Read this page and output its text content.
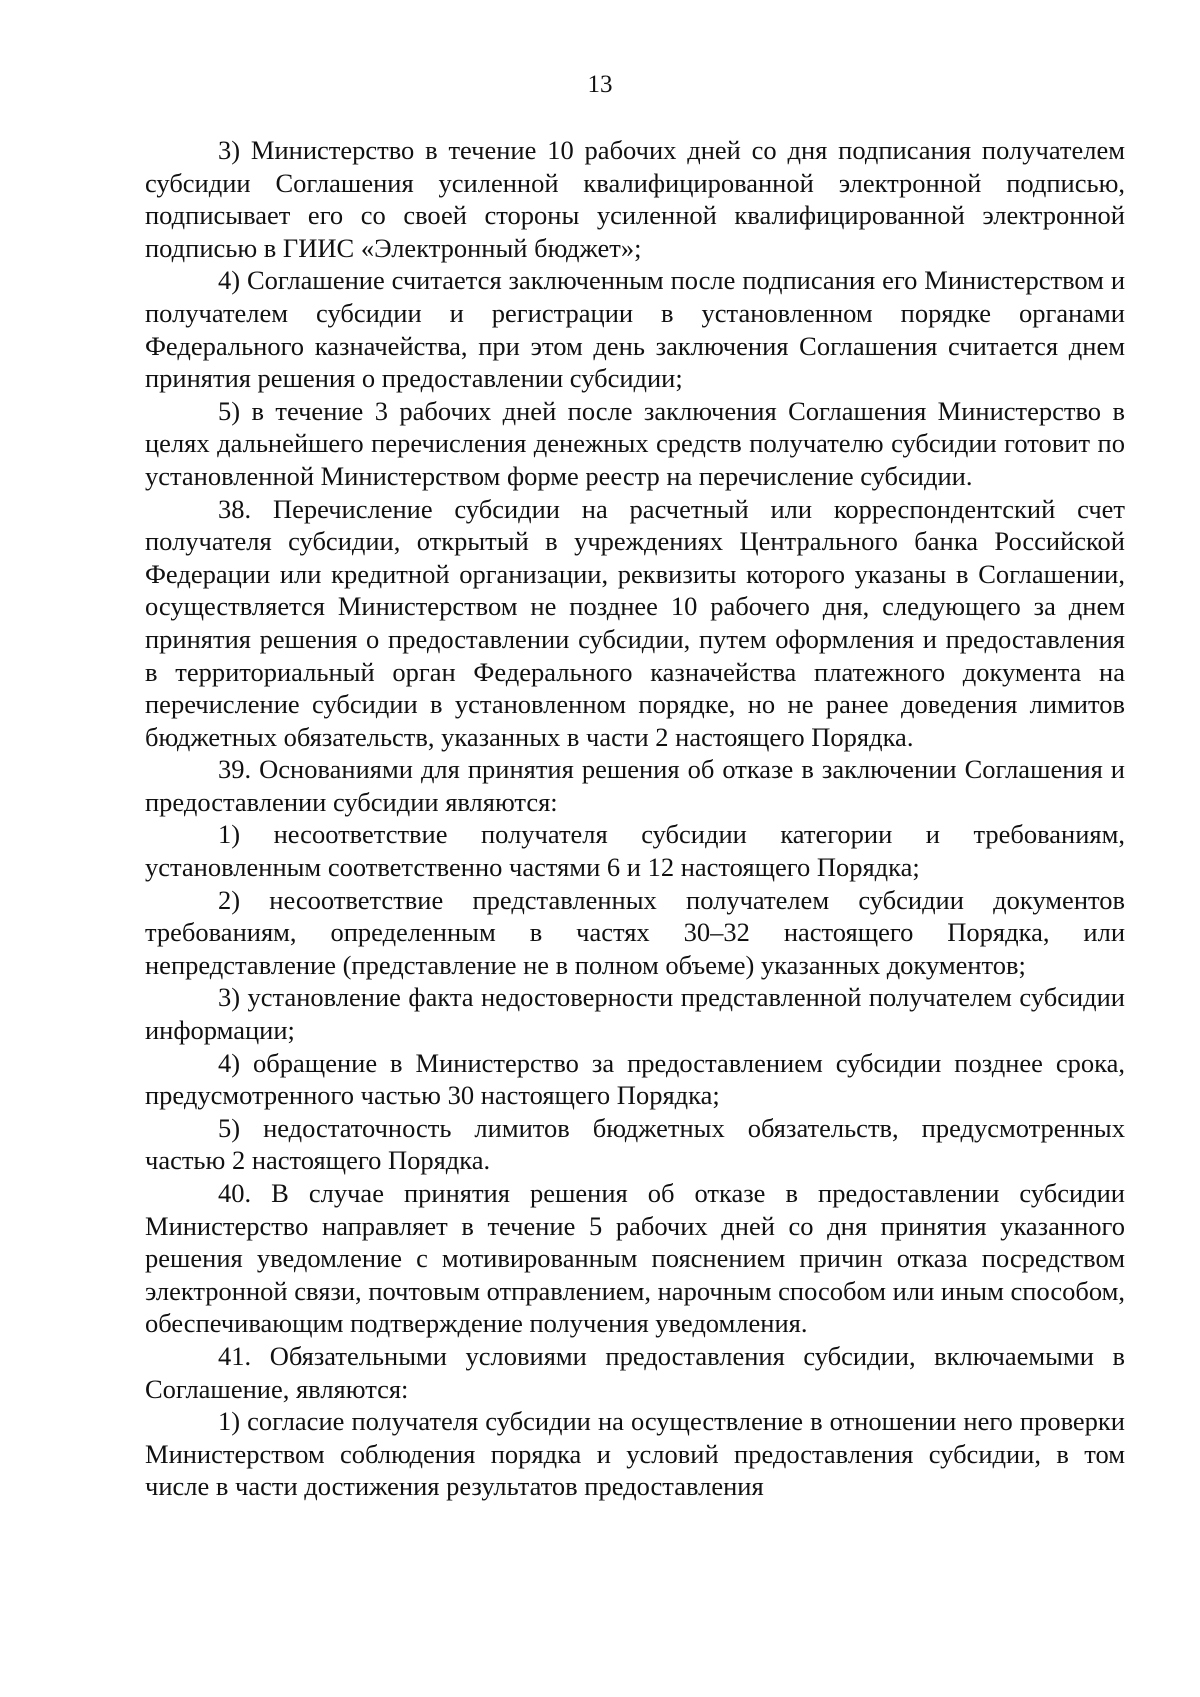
13

3) Министерство в течение 10 рабочих дней со дня подписания получателем субсидии Соглашения усиленной квалифицированной электронной подписью, подписывает его со своей стороны усиленной квалифицированной электронной подписью в ГИИС «Электронный бюджет»;

4) Соглашение считается заключенным после подписания его Министерством и получателем субсидии и регистрации в установленном порядке органами Федерального казначейства, при этом день заключения Соглашения считается днем принятия решения о предоставлении субсидии;

5) в течение 3 рабочих дней после заключения Соглашения Министерство в целях дальнейшего перечисления денежных средств получателю субсидии готовит по установленной Министерством форме реестр на перечисление субсидии.

38. Перечисление субсидии на расчетный или корреспондентский счет получателя субсидии, открытый в учреждениях Центрального банка Российской Федерации или кредитной организации, реквизиты которого указаны в Соглашении, осуществляется Министерством не позднее 10 рабочего дня, следующего за днем принятия решения о предоставлении субсидии, путем оформления и предоставления в территориальный орган Федерального казначейства платежного документа на перечисление субсидии в установленном порядке, но не ранее доведения лимитов бюджетных обязательств, указанных в части 2 настоящего Порядка.

39. Основаниями для принятия решения об отказе в заключении Соглашения и предоставлении субсидии являются:

1) несоответствие получателя субсидии категории и требованиям, установленным соответственно частями 6 и 12 настоящего Порядка;

2) несоответствие представленных получателем субсидии документов требованиям, определенным в частях 30–32 настоящего Порядка, или непредставление (представление не в полном объеме) указанных документов;

3) установление факта недостоверности представленной получателем субсидии информации;

4) обращение в Министерство за предоставлением субсидии позднее срока, предусмотренного частью 30 настоящего Порядка;

5) недостаточность лимитов бюджетных обязательств, предусмотренных частью 2 настоящего Порядка.

40. В случае принятия решения об отказе в предоставлении субсидии Министерство направляет в течение 5 рабочих дней со дня принятия указанного решения уведомление с мотивированным пояснением причин отказа посредством электронной связи, почтовым отправлением, нарочным способом или иным способом, обеспечивающим подтверждение получения уведомления.

41. Обязательными условиями предоставления субсидии, включаемыми в Соглашение, являются:

1) согласие получателя субсидии на осуществление в отношении него проверки Министерством соблюдения порядка и условий предоставления субсидии, в том числе в части достижения результатов предоставления
